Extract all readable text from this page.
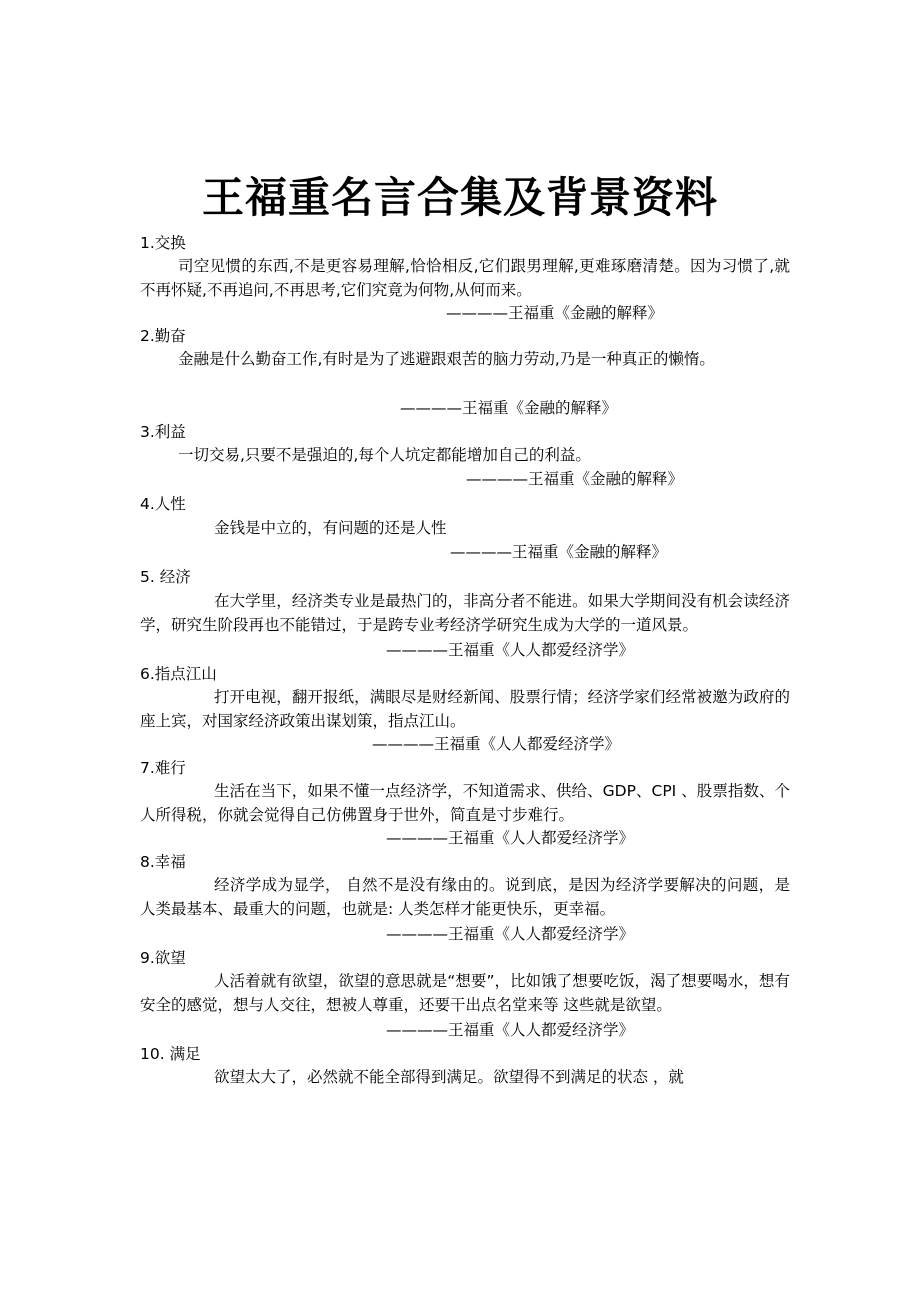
王福重名言合集及背景资料
1.交换

司空见惯的东西,不是更容易理解,恰恰相反,它们跟男理解,更难琢磨清楚。因为习惯了,就不再怀疑,不再追问,不再思考,它们究竟为何物,从何而来。

————王福重《金融的解释》
2.勤奋

金融是什么勤奋工作,有时是为了逃避跟艰苦的脑力劳动,乃是一种真正的懒惰。

————王福重《金融的解释》
3.利益

一切交易,只要不是强迫的,每个人坑定都能增加自己的利益。

————王福重《金融的解释》
4.人性

金钱是中立的，有问题的还是人性

————王福重《金融的解释》
5. 经济

在大学里，经济类专业是最热门的，非高分者不能进。如果大学期间没有机会读经济学，研究生阶段再也不能错过，于是跨专业考经济学研究生成为大学的一道风景。

————王福重《人人都爱经济学》
6.指点江山

打开电视，翻开报纸，满眼尽是财经新闻、股票行情；经济学家们经常被邀为政府的座上宾，对国家经济政策出谋划策，指点江山。

————王福重《人人都爱经济学》
7.难行

生活在当下，如果不懂一点经济学，不知道需求、供给、GDP、CPI 、股票指数、个人所得税，你就会觉得自己仿佛置身于世外，简直是寸步难行。

————王福重《人人都爱经济学》
8.幸福

经济学成为显学， 自然不是没有缘由的。说到底，是因为经济学要解决的问题，是人类最基本、最重大的问题，也就是: 人类怎样才能更快乐，更幸福。

————王福重《人人都爱经济学》
9.欲望

人活着就有欲望，欲望的意思就是“想要”，比如饿了想要吃饭，渴了想要喝水，想有安全的感觉，想与人交往，想被人尊重，还要干出点名堂来等 这些就是欲望。

————王福重《人人都爱经济学》
10. 满足

欲望太大了，必然就不能全部得到满足。欲望得不到满足的状态 ，就
